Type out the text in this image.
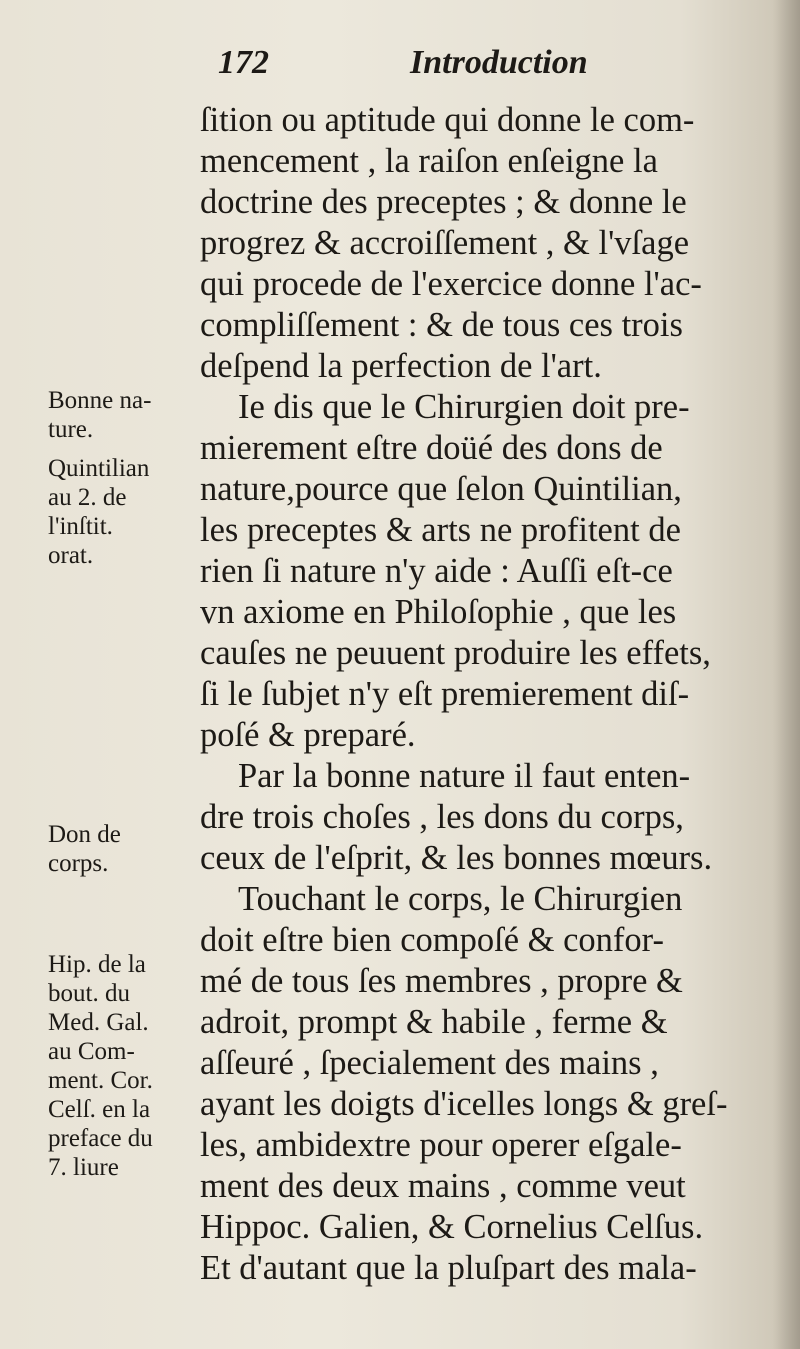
172	Introduction
ſition ou aptitude qui donne le com-
mencement , la raiſon enſeigne la
doctrine des preceptes ; & donne le
progrez & accroiſſement , & l'vſage
qui procede de l'exercice donne l'ac-
compliſſement : & de tous ces trois
deſpend la perfection de l'art.
Ie dis que le Chirurgien doit pre-
mierement eſtre doüé des dons de
nature,pource que ſelon Quintilian,
les preceptes & arts ne profitent de
rien ſi nature n'y aide : Auſſi eſt-ce
vn axiome en Philoſophie , que les
cauſes ne peuuent produire les effets,
ſi le ſubjet n'y eſt premierement diſ-
poſé & preparé.
Par la bonne nature il faut enten-
dre trois choſes , les dons du corps,
ceux de l'eſprit, & les bonnes mœurs.
Touchant le corps, le Chirurgien
doit eſtre bien compoſé & confor-
mé de tous ſes membres , propre &
adroit, prompt & habile , ferme &
aſſeuré , ſpecialement des mains ,
ayant les doigts d'icelles longs & greſ-
les, ambidextre pour operer eſgale-
ment des deux mains , comme veut
Hippoc. Galien, & Cornelius Celſus.
Et d'autant que la pluſpart des mala-
Bonne na-
ture.
Quintilian
au 2. de
l'inſtit.
orat.
Don de
corps.
Hip. de la
bout. du
Med. Gal.
au Com-
ment. Cor.
Celſ. en la
preface du
7. liure
